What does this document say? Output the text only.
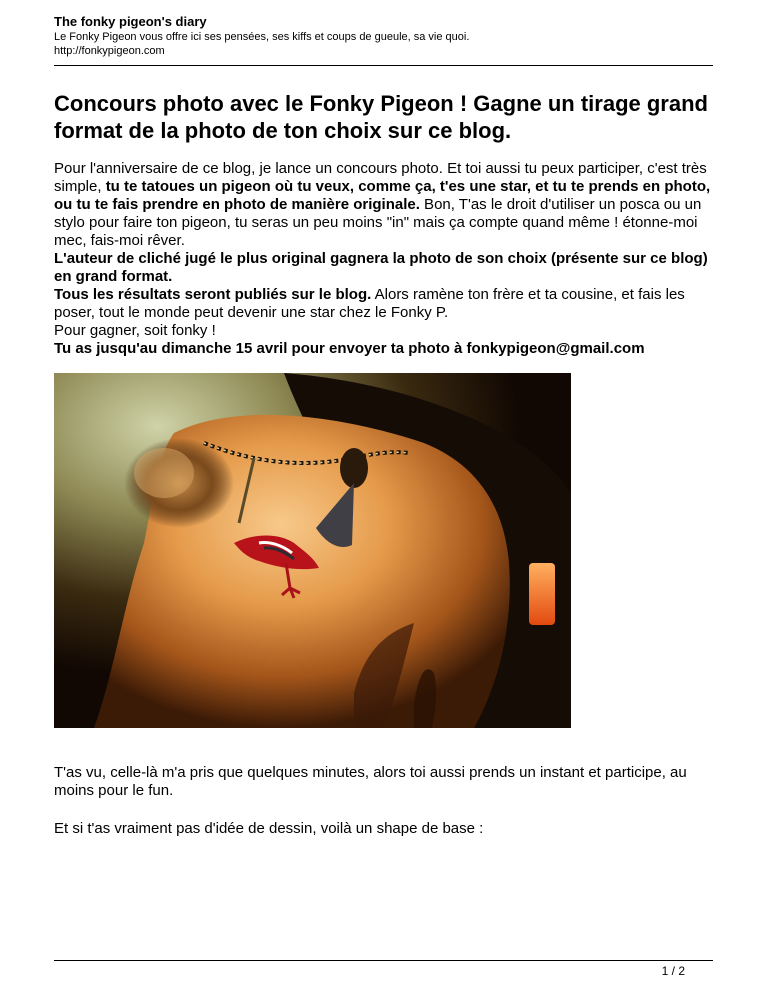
The fonky pigeon's diary

Le Fonky Pigeon vous offre ici ses pensées, ses kiffs et coups de gueule, sa vie quoi.

http://fonkypigeon.com

Concours photo avec le Fonky Pigeon ! Gagne un tirage grand format de la photo de ton choix sur ce blog.

Pour l'anniversaire de ce blog, je lance un concours photo. Et toi aussi tu peux participer, c'est très simple, tu te tatoues un pigeon où tu veux, comme ça, t'es une star, et tu te prends en photo, ou tu te fais prendre en photo de manière originale. Bon, T'as le droit d'utiliser un posca ou un stylo pour faire ton pigeon, tu seras un peu moins "in" mais ça compte quand même ! étonne-moi mec, fais-moi rêver.

L'auteur de cliché jugé le plus original gagnera la photo de son choix (présente sur ce blog) en grand format.

Tous les résultats seront publiés sur le blog. Alors ramène ton frère et ta cousine, et fais les poser, tout le monde peut devenir une star chez le Fonky P.

Pour gagner, soit fonky !

Tu as jusqu'au dimanche 15 avril pour envoyer ta photo à fonkypigeon@gmail.com

T'as vu, celle-là m'a pris que quelques minutes, alors toi aussi prends un instant et participe, au moins pour le fun.

Et si t'as vraiment pas d'idée de dessin, voilà un shape de base :

1 / 2
